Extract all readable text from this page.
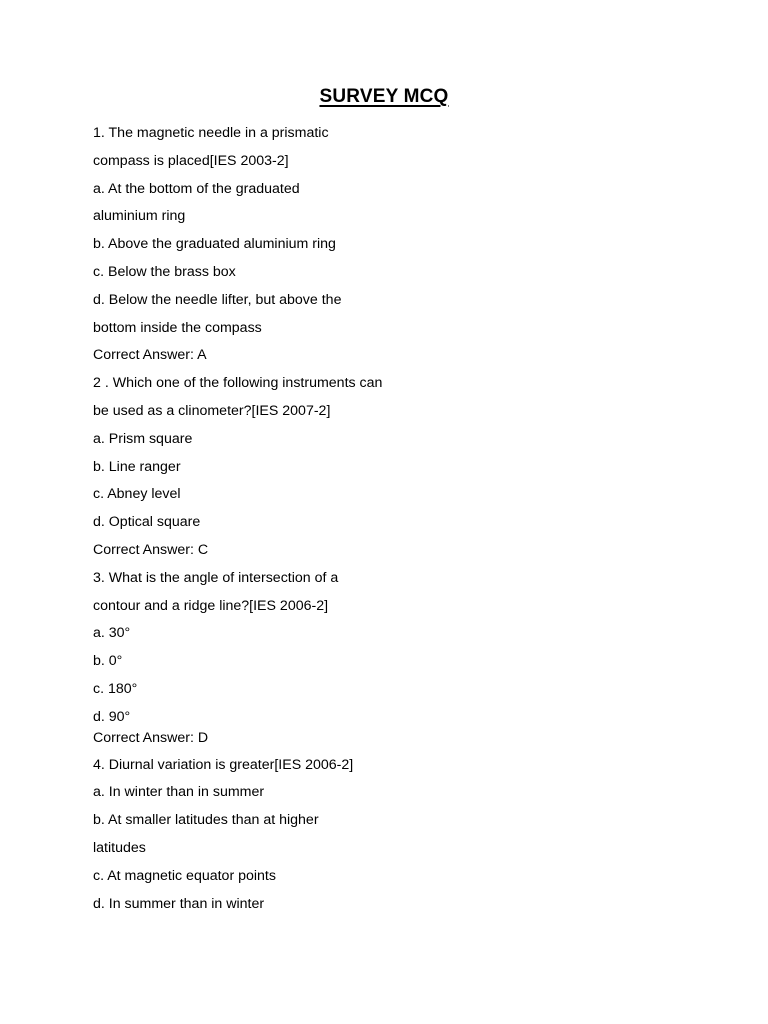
SURVEY MCQ
1. The magnetic needle in a prismatic
compass is placed[IES 2003-2]
a. At the bottom of the graduated
aluminium ring
b. Above the graduated aluminium ring
c. Below the brass box
d. Below the needle lifter, but above the
bottom inside the compass
Correct Answer: A
2 . Which one of the following instruments can
be used as a clinometer?[IES 2007-2]
a. Prism square
b. Line ranger
c. Abney level
d. Optical square
Correct Answer: C
3. What is the angle of intersection of a
contour and a ridge line?[IES 2006-2]
a. 30°
b. 0°
c. 180°
d. 90°
Correct Answer: D
4. Diurnal variation is greater[IES 2006-2]
a. In winter than in summer
b. At smaller latitudes than at higher
latitudes
c. At magnetic equator points
d. In summer than in winter
